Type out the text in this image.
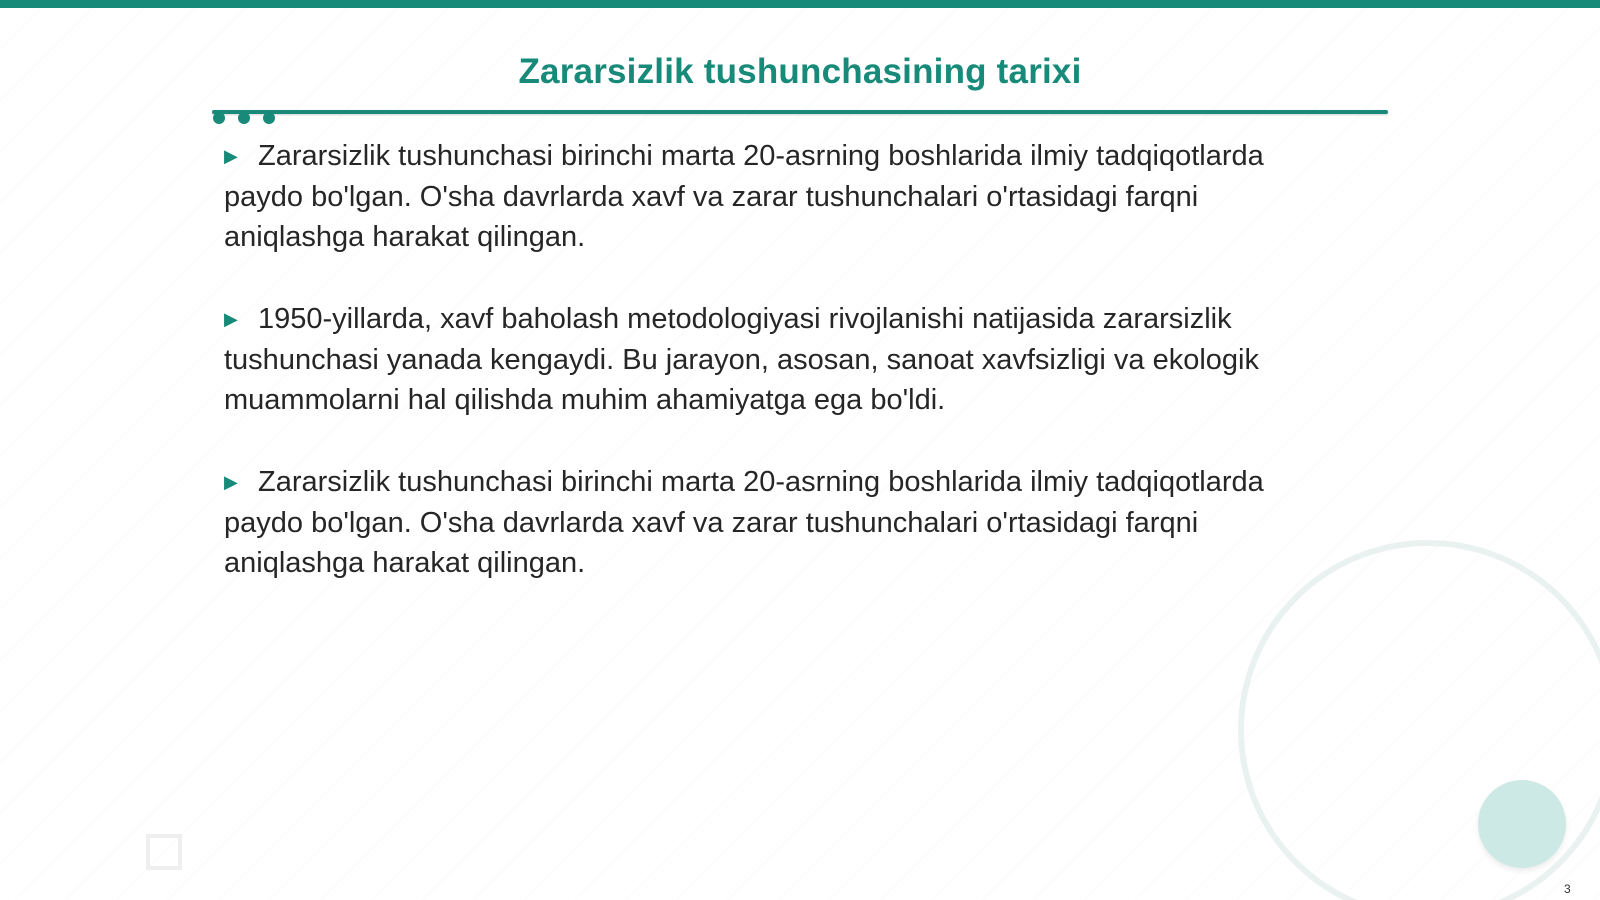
Zararsizlik tushunchasining tarixi

▶ Zararsizlik tushunchasi birinchi marta 20-asrning boshlarida ilmiy tadqiqotlarda paydo bo'lgan. O'sha davrlarda xavf va zarar tushunchalari o'rtasidagi farqni aniqlashga harakat qilingan.

▶ 1950-yillarda, xavf baholash metodologiyasi rivojlanishi natijasida zararsizlik tushunchasi yanada kengaydi. Bu jarayon, asosan, sanoat xavfsizligi va ekologik muammolarni hal qilishda muhim ahamiyatga ega bo'ldi.

▶ Zararsizlik tushunchasi birinchi marta 20-asrning boshlarida ilmiy tadqiqotlarda paydo bo'lgan. O'sha davrlarda xavf va zarar tushunchalari o'rtasidagi farqni aniqlashga harakat qilingan.

3
